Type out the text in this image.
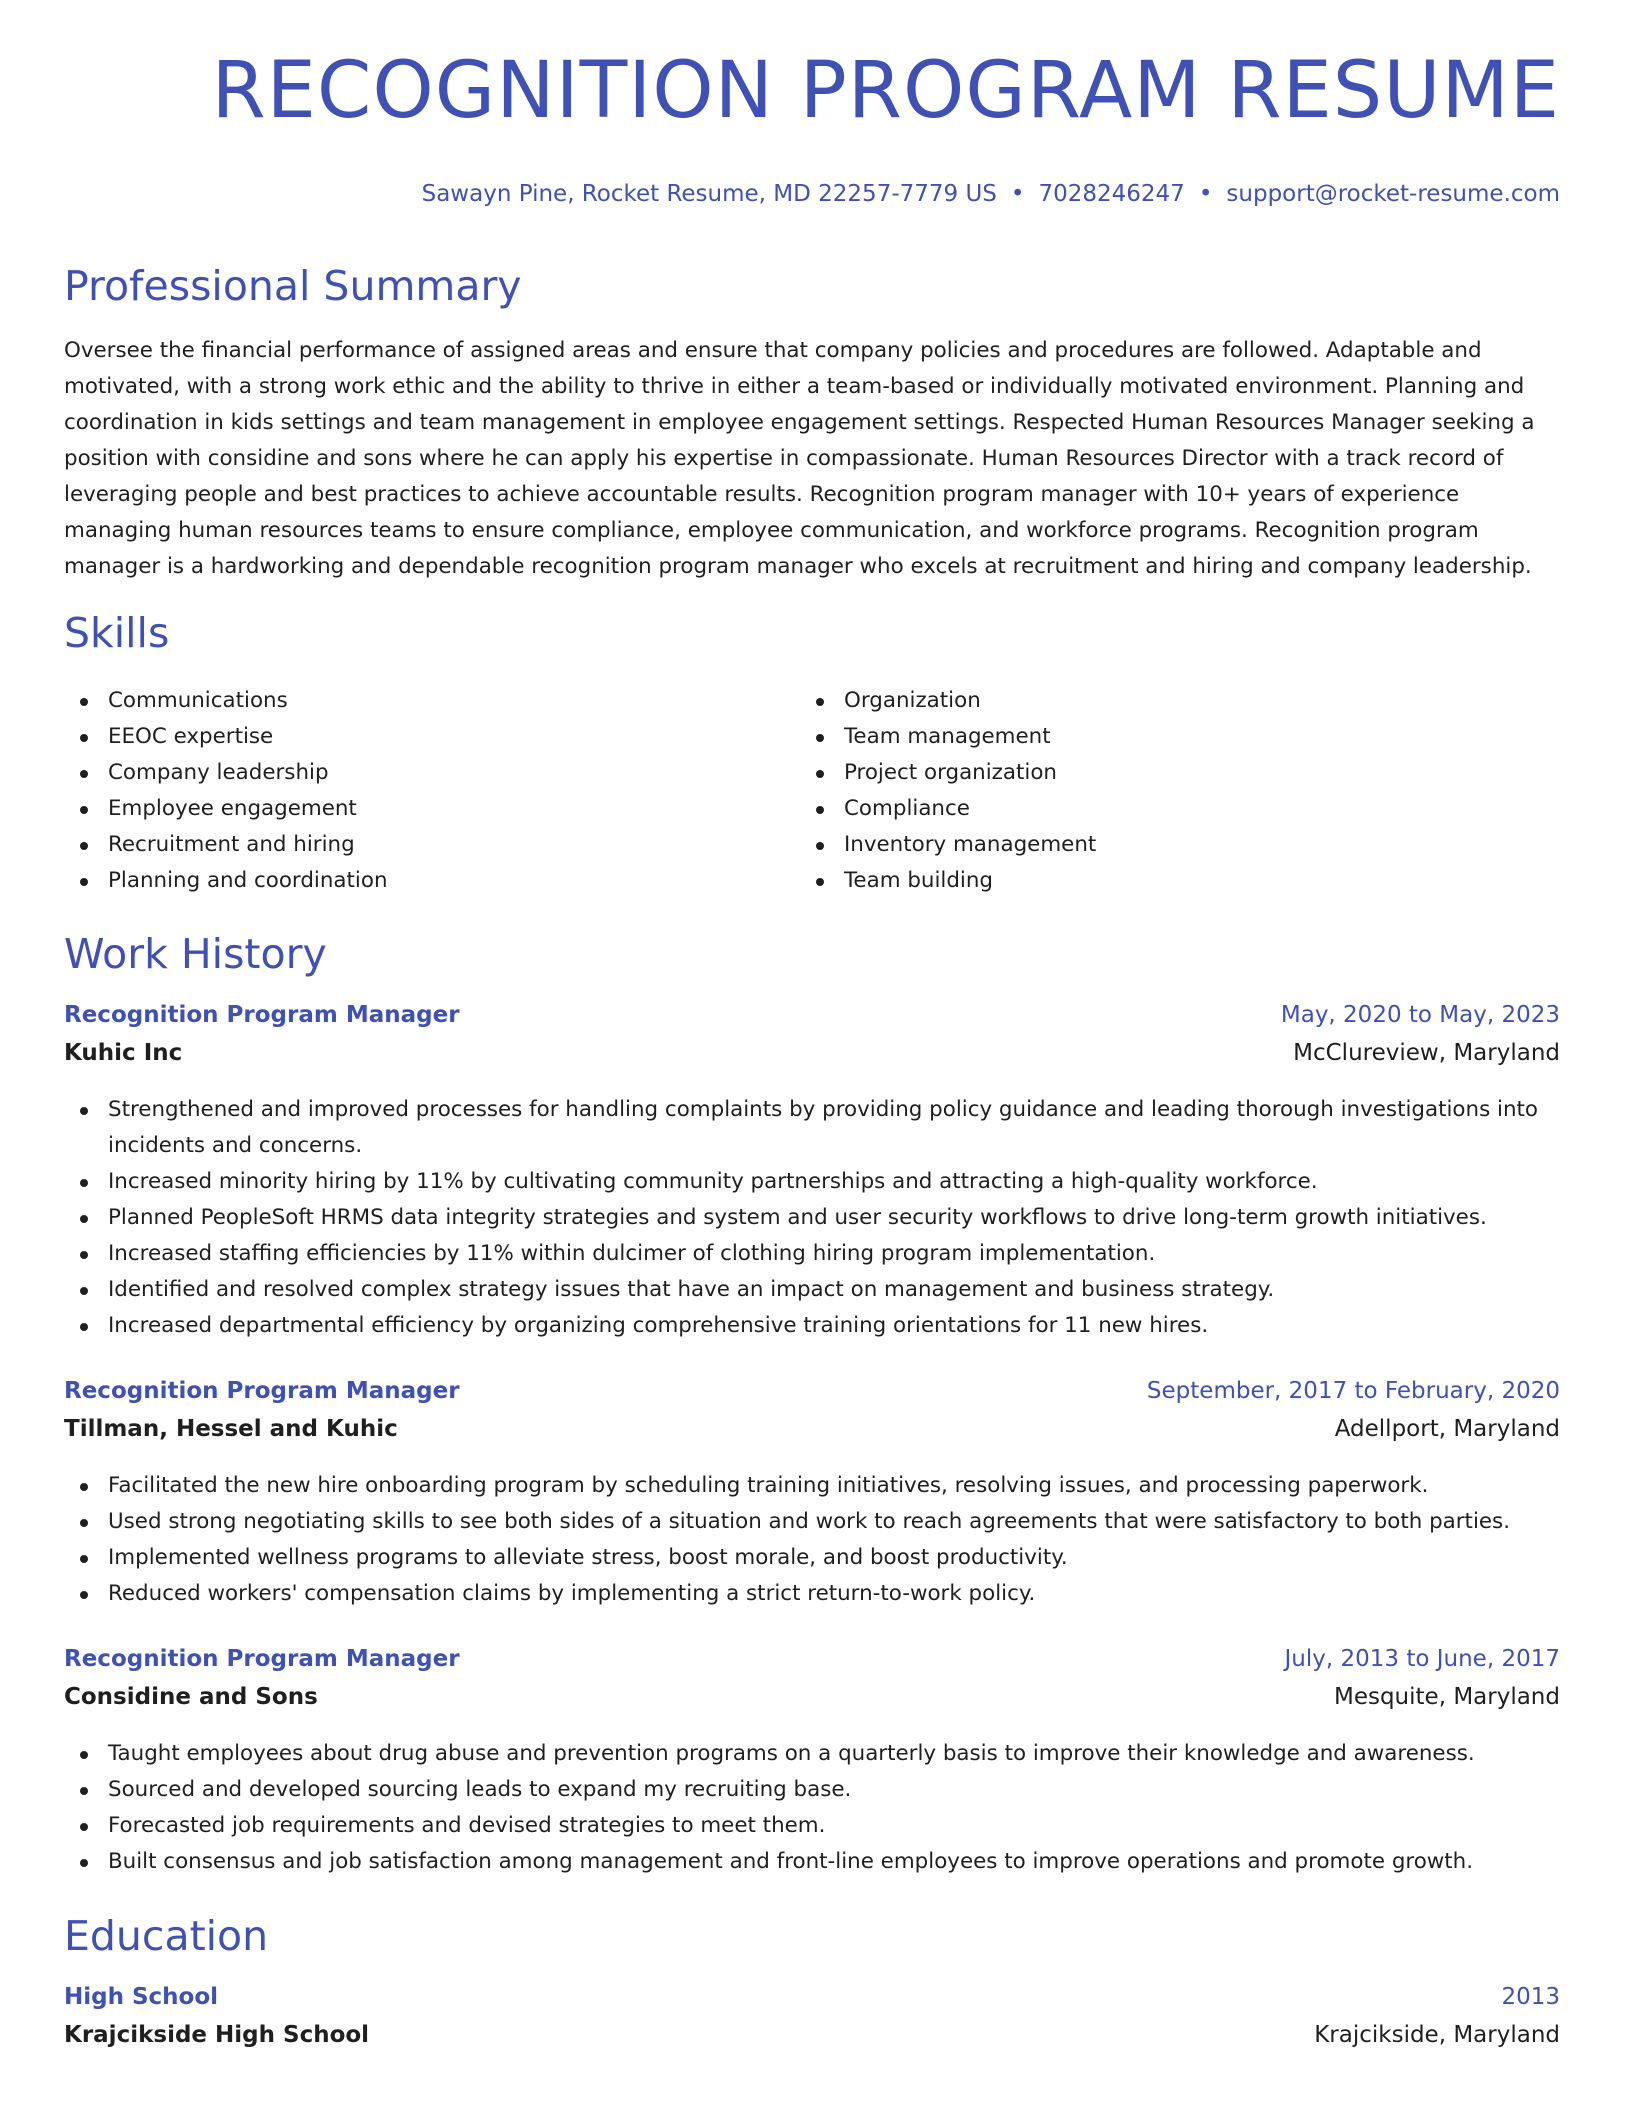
RECOGNITION PROGRAM RESUME
Sawayn Pine, Rocket Resume, MD 22257-7779 US • 7028246247 • support@rocket-resume.com
Professional Summary

Oversee the financial performance of assigned areas and ensure that company policies and procedures are followed. Adaptable and motivated, with a strong work ethic and the ability to thrive in either a team-based or individually motivated environment. Planning and coordination in kids settings and team management in employee engagement settings. Respected Human Resources Manager seeking a position with considine and sons where he can apply his expertise in compassionate. Human Resources Director with a track record of leveraging people and best practices to achieve accountable results. Recognition program manager with 10+ years of experience managing human resources teams to ensure compliance, employee communication, and workforce programs. Recognition program manager is a hardworking and dependable recognition program manager who excels at recruitment and hiring and company leadership.

Skills
Communications
EEOC expertise
Company leadership
Employee engagement
Recruitment and hiring
Planning and coordination
Organization
Team management
Project organization
Compliance
Inventory management
Team building
Work History
Recognition Program Manager	May, 2020 to May, 2023
Kuhic Inc	McClureview, Maryland
Strengthened and improved processes for handling complaints by providing policy guidance and leading thorough investigations into incidents and concerns.
Increased minority hiring by 11% by cultivating community partnerships and attracting a high-quality workforce.
Planned PeopleSoft HRMS data integrity strategies and system and user security workflows to drive long-term growth initiatives.
Increased staffing efficiencies by 11% within dulcimer of clothing hiring program implementation.
Identified and resolved complex strategy issues that have an impact on management and business strategy.
Increased departmental efficiency by organizing comprehensive training orientations for 11 new hires.
Recognition Program Manager	September, 2017 to February, 2020
Tillman, Hessel and Kuhic	Adellport, Maryland
Facilitated the new hire onboarding program by scheduling training initiatives, resolving issues, and processing paperwork.
Used strong negotiating skills to see both sides of a situation and work to reach agreements that were satisfactory to both parties.
Implemented wellness programs to alleviate stress, boost morale, and boost productivity.
Reduced workers' compensation claims by implementing a strict return-to-work policy.
Recognition Program Manager	July, 2013 to June, 2017
Considine and Sons	Mesquite, Maryland
Taught employees about drug abuse and prevention programs on a quarterly basis to improve their knowledge and awareness.
Sourced and developed sourcing leads to expand my recruiting base.
Forecasted job requirements and devised strategies to meet them.
Built consensus and job satisfaction among management and front-line employees to improve operations and promote growth.
Education
High School	2013
Krajcikside High School	Krajcikside, Maryland
